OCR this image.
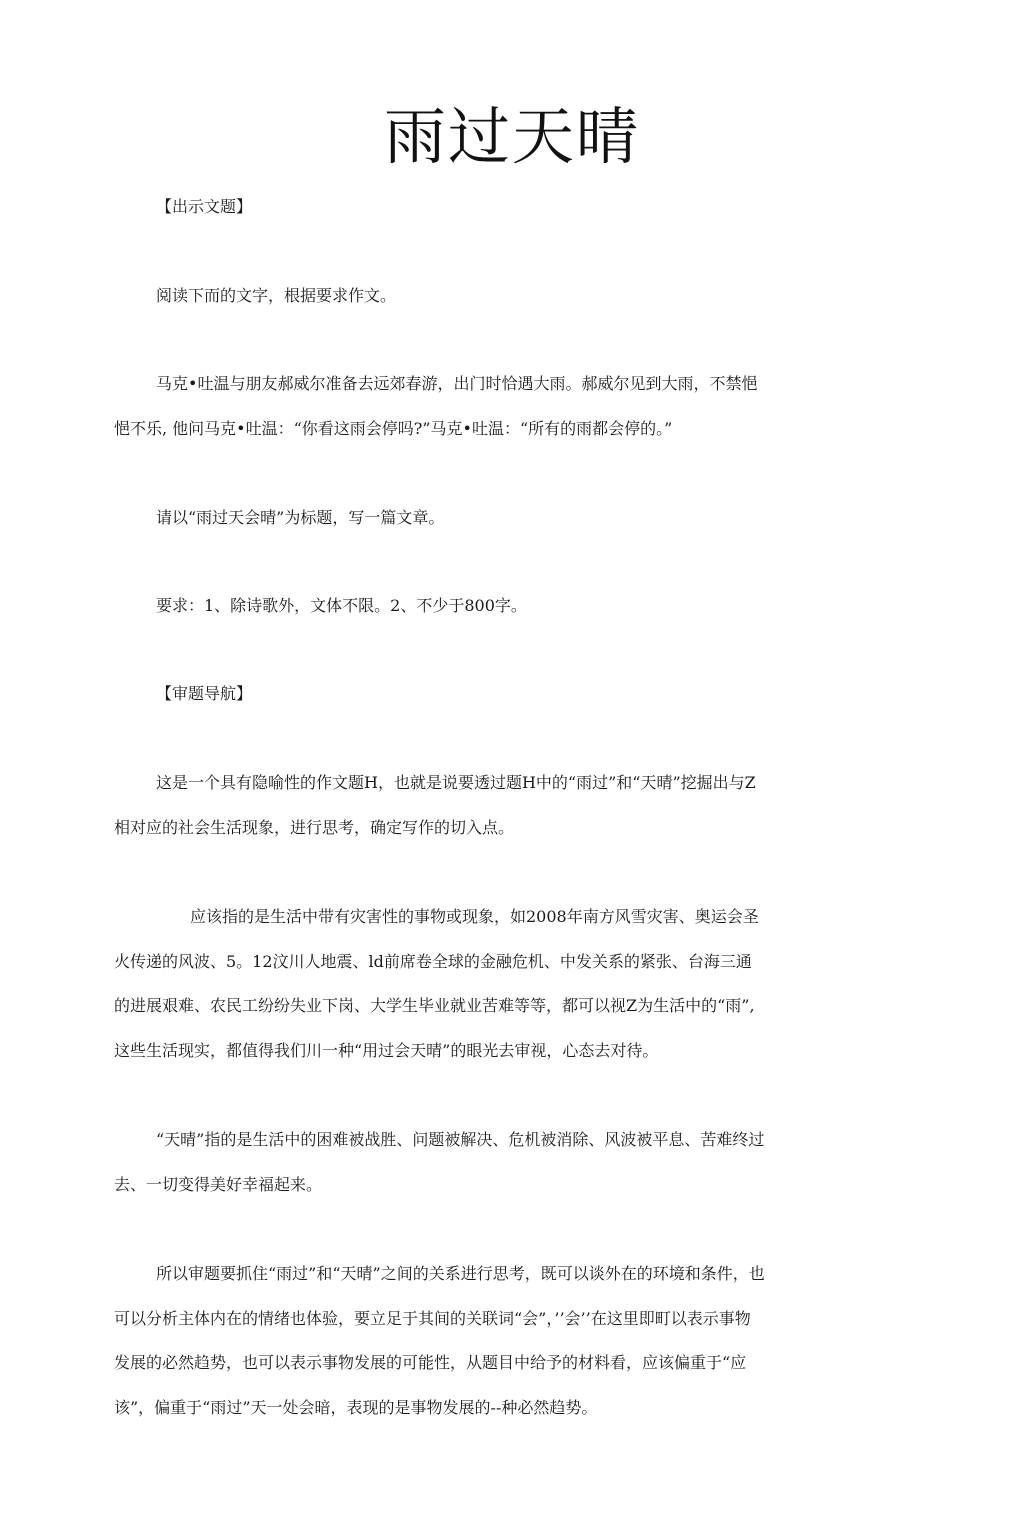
雨过天晴

【出示文题】

阅读下而的文字，根据要求作文。

马克•吐温与朋友郝威尔准备去远郊春游，出门时恰遇大雨。郝威尔见到大雨，不禁悒

悒不乐, 他问马克•吐温：“你看这雨会停吗?”马克•吐温：“所有的雨都会停的。”

请以“雨过天会晴”为标题，写一篇文章。

要求：1、除诗歌外，文体不限。2、不少于800字。

【审题导航】

这是一个具有隐喻性的作文题H，也就是说要透过题H中的“雨过”和“天晴”挖掘出与Z

相对应的社会生活现象，进行思考，确定写作的切入点。

应该指的是生活中带有灾害性的事物或现象，如2008年南方风雪灾害、奥运会圣

火传递的风波、5。12汶川人地震、ld前席卷全球的金融危机、中发关系的紧张、台海三通

的进展艰难、农民工纷纷失业下岗、大学生毕业就业苦难等等，都可以视Z为生活中的“雨”,

这些生活现实，都值得我们川一种“用过会天晴”的眼光去审视，心态去对待。

“天晴”指的是生活中的困难被战胜、问题被解决、危机被消除、风波被平息、苦难终过

去、一切变得美好幸福起来。

所以审题要抓住“雨过”和“天晴”之间的关系进行思考，既可以谈外在的环境和条件，也

可以分析主体内在的情绪也体验，要立足于其间的关联词“会”，’’会’’在这里即町以表示事物

发展的必然趋势，也可以表示事物发展的可能性，从题目中给予的材料看，应该偏重于“应

该”，偏重于“雨过”天一处会暗，表现的是事物发展的--种必然趋势。
